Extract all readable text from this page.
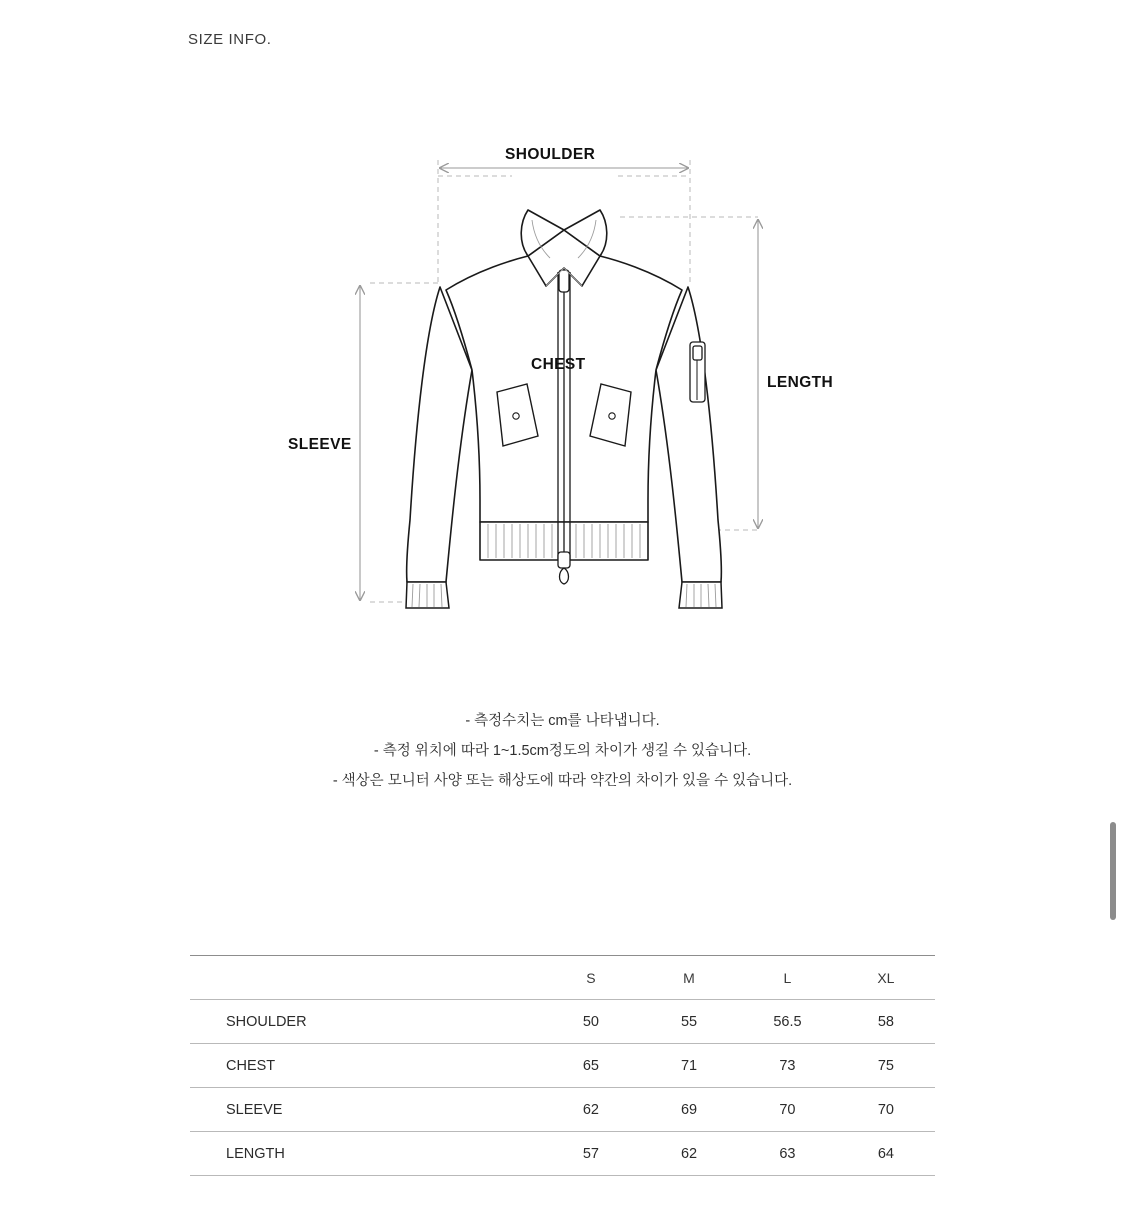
SIZE INFO.
SHOULDER
CHEST
LENGTH
SLEEVE
- 측정수치는 cm를 나타냅니다.
- 측정 위치에 따라 1~1.5cm정도의 차이가 생길 수 있습니다.
- 색상은 모니터 사양 또는 해상도에 따라 약간의 차이가 있을 수 있습니다.
	S	M	L	XL
SHOULDER	50	55	56.5	58
CHEST	65	71	73	75
SLEEVE	62	69	70	70
LENGTH	57	62	63	64
